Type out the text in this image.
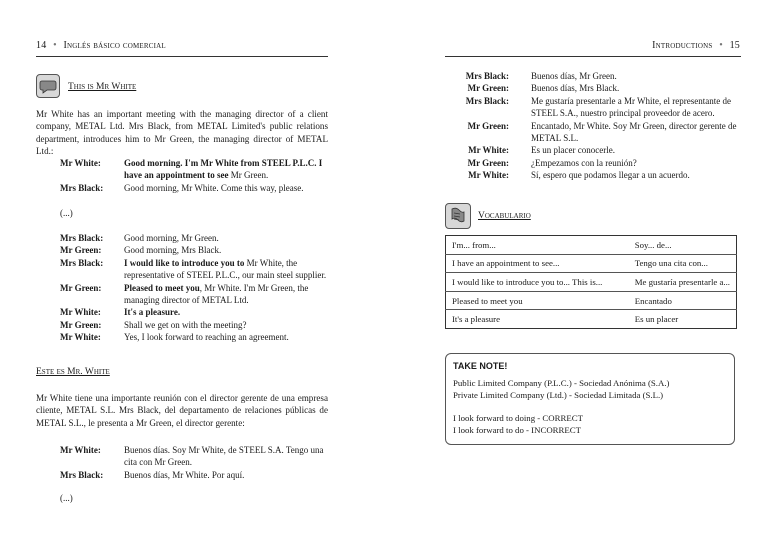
14 • Inglés básico comercial
This is Mr White
Mr White has an important meeting with the managing director of a client company, METAL Ltd. Mrs Black, from METAL Limited's public relations department, introduces him to Mr Green, the managing director of METAL Ltd.:
Mr White:	Good morning. I'm Mr White from STEEL P.L.C. I have an appointment to see Mr Green.
Mrs Black:	Good morning, Mr White. Come this way, please.
(...)
Mrs Black:	Good morning, Mr Green.
Mr Green:	Good morning, Mrs Black.
Mrs Black:	I would like to introduce you to Mr White, the representative of STEEL P.L.C., our main steel supplier.
Mr Green:	Pleased to meet you, Mr White. I'm Mr Green, the managing director of METAL Ltd.
Mr White:	It's a pleasure.
Mr Green:	Shall we get on with the meeting?
Mr White:	Yes, I look forward to reaching an agreement.
Este es Mr. White
Mr White tiene una importante reunión con el director gerente de una empresa cliente, METAL S.L. Mrs Black, del departamento de relaciones públicas de METAL S.L., le presenta a Mr Green, el director gerente:
Mr White:	Buenos días. Soy Mr White, de STEEL S.A. Tengo una cita con Mr Green.
Mrs Black:	Buenos días, Mr White. Por aquí.
(...)
Introductions • 15
Mrs Black:	Buenos días, Mr Green.
Mr Green:	Buenos días, Mrs Black.
Mrs Black:	Me gustaría presentarle a Mr White, el representante de STEEL S.A., nuestro principal proveedor de acero.
Mr Green:	Encantado, Mr White. Soy Mr Green, director gerente de METAL S.L.
Mr White:	Es un placer conocerle.
Mr Green:	¿Empezamos con la reunión?
Mr White:	Sí, espero que podamos llegar a un acuerdo.
Vocabulario
I'm... from...	Soy... de...
I have an appointment to see...	Tengo una cita con...
I would like to introduce you to... This is...	Me gustaría presentarle a...
Pleased to meet you	Encantado
It's a pleasure	Es un placer
TAKE NOTE!
Public Limited Company (P.L.C.) - Sociedad Anónima (S.A.)
Private Limited Company (Ltd.) - Sociedad Limitada (S.L.)
I look forward to doing - CORRECT
I look forward to do - INCORRECT
